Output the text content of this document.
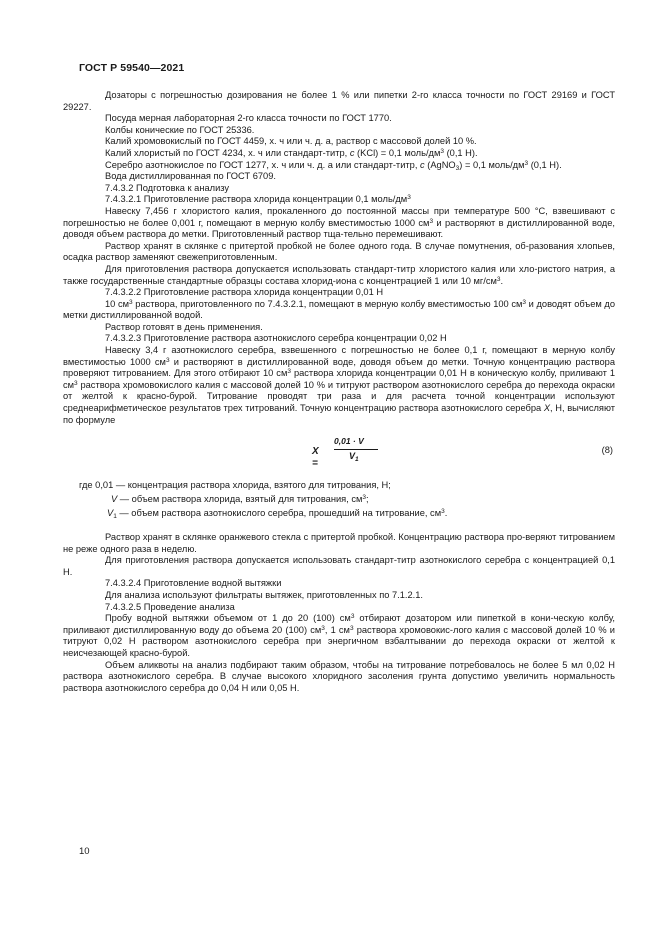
ГОСТ Р 59540—2021

Дозаторы с погрешностью дозирования не более 1 % или пипетки 2-го класса точности по ГОСТ 29169 и ГОСТ 29227.

Посуда мерная лабораторная 2-го класса точности по ГОСТ 1770.

Колбы конические по ГОСТ 25336.

Калий хромовокислый по ГОСТ 4459, х. ч или ч. д. а, раствор с массовой долей 10 %.

Калий хлористый по ГОСТ 4234, х. ч или стандарт-титр, c (KCl) = 0,1 моль/$дм^3$ (0,1 Н).

Серебро азотнокислое по ГОСТ 1277, х. ч или ч. д. а или стандарт-титр, c (AgNO$_3$) = 0,1 моль/$дм^3$ (0,1 Н).

Вода дистиллированная по ГОСТ 6709.

7.4.3.2 Подготовка к анализу

7.4.3.2.1 Приготовление раствора хлорида концентрации 0,1 моль/$дм^3$

Навеску 7,456 г хлористого калия, прокаленного до постоянной массы при температуре 500 °С, взвешивают с погрешностью не более 0,001 г, помещают в мерную колбу вместимостью 1000 $см^3$ и растворяют в дистиллированной воде, доводя объем раствора до метки. Приготовленный раствор тща-тельно перемешивают.

Раствор хранят в склянке с притертой пробкой не более одного года. В случае помутнения, об-разования хлопьев, осадка раствор заменяют свежеприготовленным.

Для приготовления раствора допускается использовать стандарт-титр хлористого калия или хло-ристого натрия, а также государственные стандартные образцы состава хлорид-иона с концентрацией 1 или 10 $мг/см^3$.

7.4.3.2.2 Приготовление раствора хлорида концентрации 0,01 Н

10 $см^3$ раствора, приготовленного по 7.4.3.2.1, помещают в мерную колбу вместимостью 100 $см^3$ и доводят объем до метки дистиллированной водой.

Раствор готовят в день применения.

7.4.3.2.3 Приготовление раствора азотнокислого серебра концентрации 0,02 Н

Навеску 3,4 г азотнокислого серебра, взвешенного с погрешностью не более 0,1 г, помещают в мерную колбу вместимостью 1000 $см^3$ и растворяют в дистиллированной воде, доводя объем до метки. Точную концентрацию раствора проверяют титрованием. Для этого отбирают 10 $см^3$ раствора хлорида концентрации 0,01 Н в коническую колбу, приливают 1 $см^3$ раствора хромовокислого калия с массовой долей 10 % и титруют раствором азотнокислого серебра до перехода окраски от желтой к красно-бурой. Титрование проводят три раза и для расчета точной концентрации используют среднеарифметическое результатов трех титрований. Точную концентрацию раствора азотнокислого серебра X, Н, вычисляют по формуле

X =
0,01 · V
$V_1$
(8)

где 0,01 — концентрация раствора хлорида, взятого для титрования, Н;

V — объем раствора хлорида, взятый для титрования, $см^3$;

$V_1$ — объем раствора азотнокислого серебра, прошедший на титрование, $см^3$.

Раствор хранят в склянке оранжевого стекла с притертой пробкой. Концентрацию раствора про-веряют титрованием не реже одного раза в неделю.

Для приготовления раствора допускается использовать стандарт-титр азотнокислого серебра с концентрацией 0,1 Н.

7.4.3.2.4 Приготовление водной вытяжки

Для анализа используют фильтраты вытяжек, приготовленных по 7.1.2.1.

7.4.3.2.5 Проведение анализа

Пробу водной вытяжки объемом от 1 до 20 (100) $см^3$ отбирают дозатором или пипеткой в кони-ческую колбу, приливают дистиллированную воду до объема 20 (100) $см^3$, 1 $см^3$ раствора хромовокис-лого калия с массовой долей 10 % и титруют 0,02 Н раствором азотнокислого серебра при энергичном взбалтывании до перехода окраски от желтой к неисчезающей красно-бурой.

Объем аликвоты на анализ подбирают таким образом, чтобы на титрование потребовалось не более 5 мл 0,02 Н раствора азотнокислого серебра. В случае высокого хлоридного засоления грунта допустимо увеличить нормальность раствора азотнокислого серебра до 0,04 Н или 0,05 Н.

10
